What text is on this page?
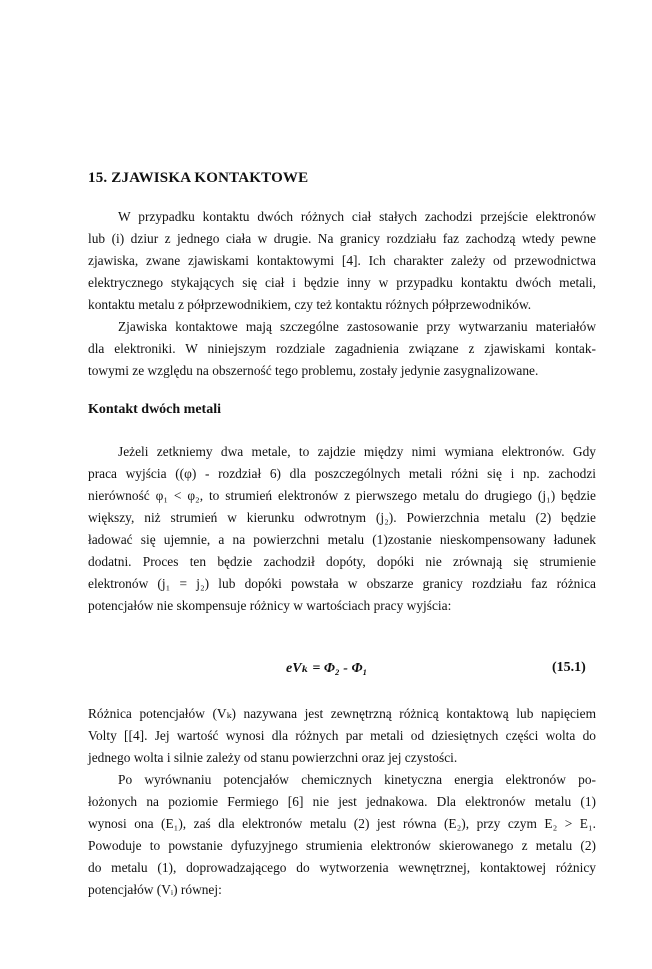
15. ZJAWISKA KONTAKTOWE
W przypadku kontaktu dwóch różnych ciał stałych zachodzi przejście elektronów
lub (i) dziur z jednego ciała w drugie. Na granicy rozdziału faz zachodzą wtedy pewne
zjawiska, zwane zjawiskami kontaktowymi [4]. Ich charakter zależy od przewodnictwa
elektrycznego stykających się ciał i będzie inny w przypadku kontaktu dwóch metali,
kontaktu metalu z półprzewodnikiem, czy też kontaktu różnych półprzewodników.
Zjawiska kontaktowe mają szczególne zastosowanie przy wytwarzaniu materiałów
dla elektroniki. W niniejszym rozdziale zagadnienia związane z zjawiskami kontak-
towymi ze względu na obszerność tego problemu, zostały jedynie zasygnalizowane.
Kontakt dwóch metali
Jeżeli zetkniemy dwa metale, to zajdzie między nimi wymiana elektronów. Gdy
praca wyjścia ((φ) - rozdział 6) dla poszczególnych metali różni się i np. zachodzi
nierówność φ₁ < φ₂, to strumień elektronów z pierwszego metalu do drugiego (j₁) będzie
większy, niż strumień w kierunku odwrotnym (j₂). Powierzchnia metalu (2) będzie
ładować się ujemnie, a na powierzchni metalu (1)zostanie nieskompensowany ładunek
dodatni. Proces ten będzie zachodził dopóty, dopóki nie zrównają się strumienie
elektronów (j₁ = j₂) lub dopóki powstała w obszarze granicy rozdziału faz różnica
potencjałów nie skompensuje różnicy w wartościach pracy wyjścia:
eVₖ = Φ₂ - Φ₁	(15.1)
Różnica potencjałów (Vₖ) nazywana jest zewnętrzną różnicą kontaktową lub napięciem
Volty [[4]. Jej wartość wynosi dla różnych par metali od dziesiętnych części wolta do
jednego wolta i silnie zależy od stanu powierzchni oraz jej czystości.
Po wyrównaniu potencjałów chemicznych kinetyczna energia elektronów po-
łożonych na poziomie Fermiego [6] nie jest jednakowa. Dla elektronów metalu (1)
wynosi ona (E₁), zaś dla elektronów metalu (2) jest równa (E₂), przy czym E₂ > E₁.
Powoduje to powstanie dyfuzyjnego strumienia elektronów skierowanego z metalu (2)
do metalu (1), doprowadzającego do wytworzenia wewnętrznej, kontaktowej różnicy
potencjałów (Vᵢ) równej:
